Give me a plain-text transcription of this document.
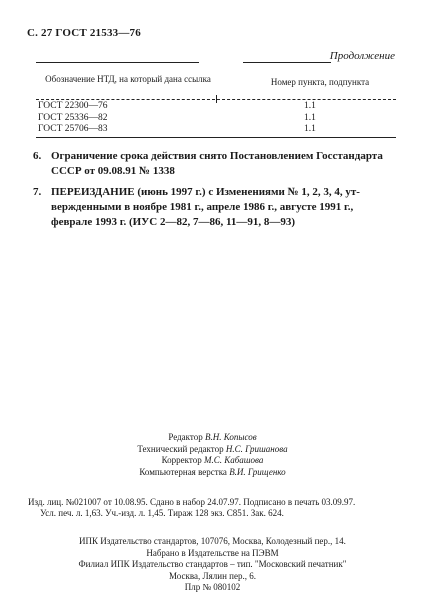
С. 27 ГОСТ 21533—76
Продолжение
Обозначение НТД, на который дана ссылка	Номер пункта, подпункта
ГОСТ 22300—76	1.1
ГОСТ 25336—82	1.1
ГОСТ 25706—83	1.1
6. Ограничение срока действия снято Постановлением Госстандарта
СССР от 09.08.91 № 1338
7. ПЕРЕИЗДАНИЕ (июнь 1997 г.) с Изменениями № 1, 2, 3, 4, ут-
вержденными в ноябре 1981 г., апреле 1986 г., августе 1991 г.,
феврале 1993 г. (ИУС 2—82, 7—86, 11—91, 8—93)
Редактор В.Н. Копысов
Технический редактор Н.С. Гришанова
Корректор М.С. Кабашова
Компьютерная верстка В.И. Грищенко
Изд. лиц. №021007 от 10.08.95. Сдано в набор 24.07.97. Подписано в печать 03.09.97.
Усл. печ. л. 1,63. Уч.-изд. л. 1,45. Тираж 128 экз. С851. Зак. 624.
ИПК Издательство стандартов, 107076, Москва, Колодезный пер., 14.
Набрано в Издательстве на ПЭВМ
Филиал ИПК Издательство стандартов – тип. "Московский печатник"
Москва, Лялин пер., 6.
Плр № 080102
